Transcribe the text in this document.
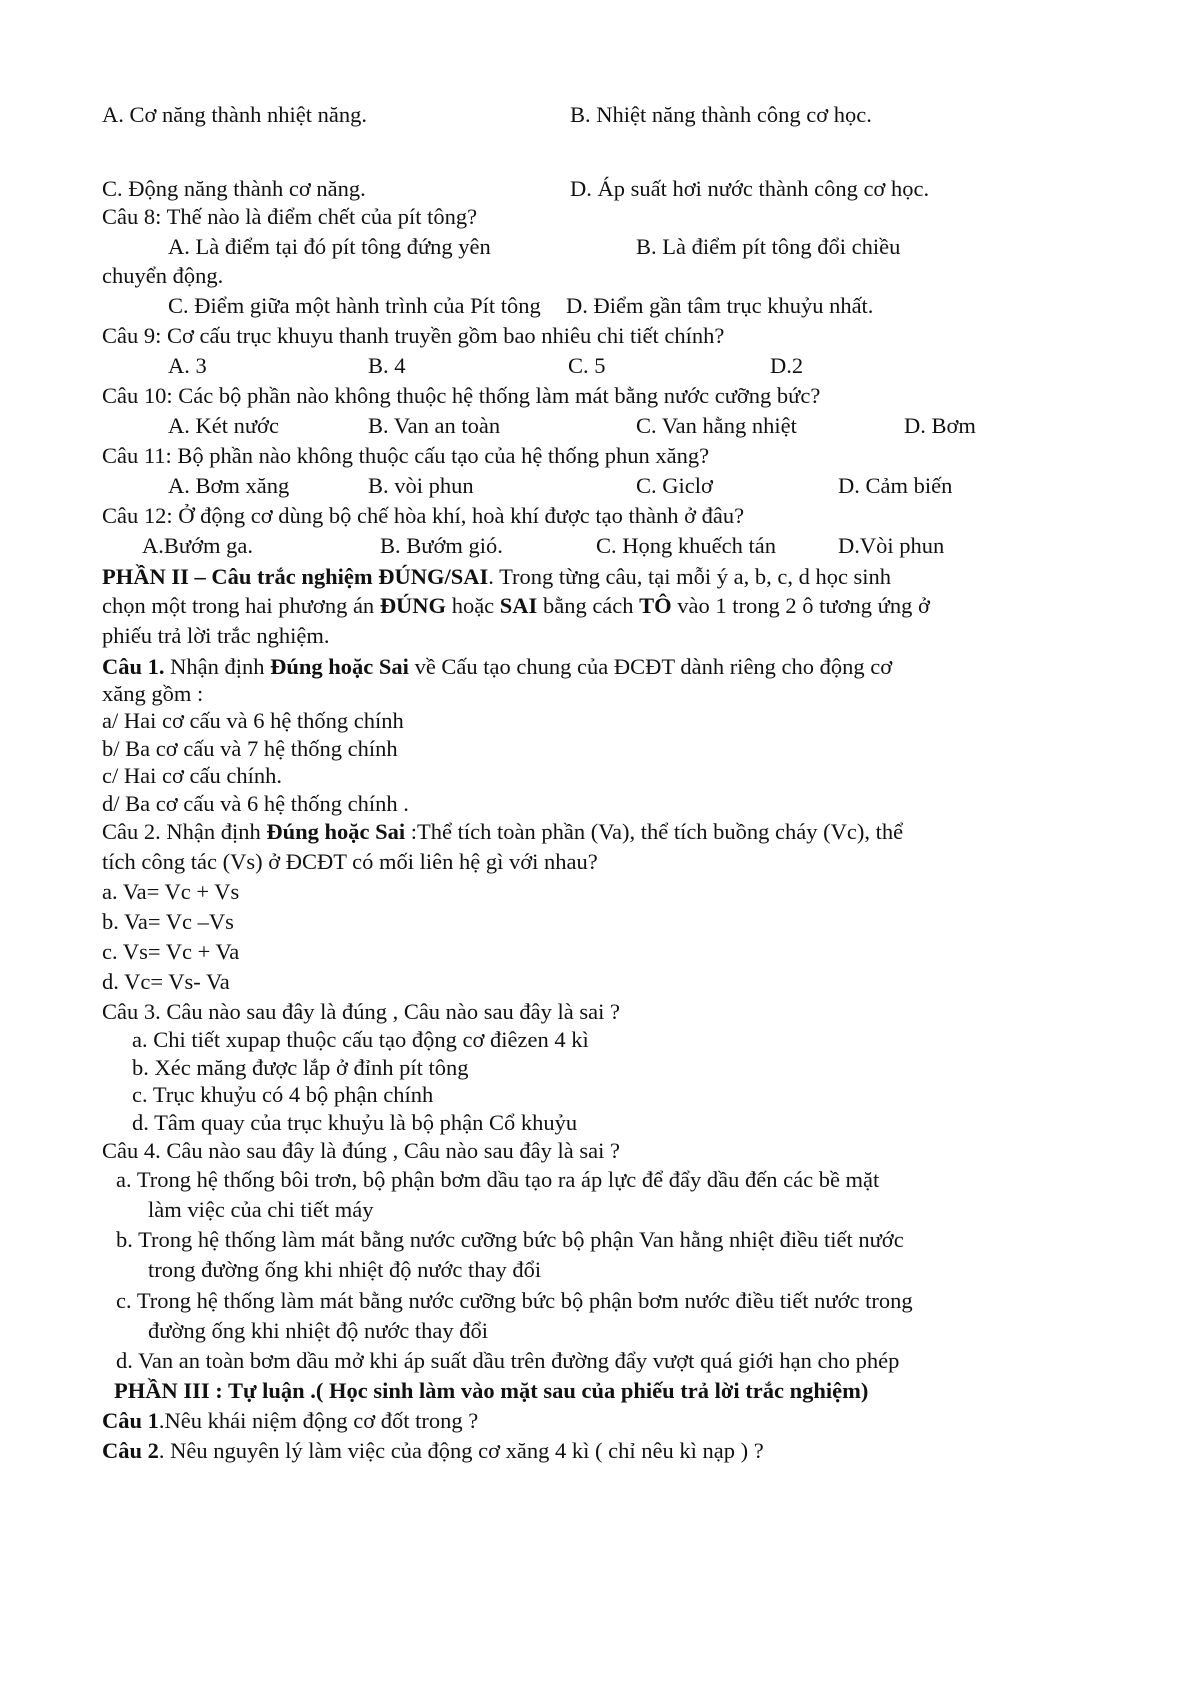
A. Cơ năng thành nhiệt năng.	B. Nhiệt năng thành công cơ học.
C. Động năng thành cơ năng.	D. Áp suất hơi nước thành công cơ học.
Câu 8: Thế nào là điểm chết của pít tông?
A. Là điểm tại đó pít tông đứng yên	B. Là điểm pít tông đổi chiều
chuyển động.
C. Điểm giữa một hành trình của Pít tông D. Điểm gần tâm trục khuỷu nhất.
Câu 9: Cơ cấu trục khuyu thanh truyền gồm bao nhiêu chi tiết chính?
A. 3	B. 4	C. 5	D.2
Câu 10: Các bộ phần nào không thuộc hệ thống làm mát bằng nước cưỡng bức?
A. Két nước	B. Van an toàn	C. Van hằng nhiệt	D. Bơm
Câu 11: Bộ phần nào không thuộc cấu tạo của hệ thống phun xăng?
A. Bơm xăng	B. vòi phun	C. Giclơ	D. Cảm biến
Câu 12: Ở động cơ dùng bộ chế hòa khí, hoà khí được tạo thành ở đâu?
A.Bướm ga.	B. Bướm gió.	C. Họng khuếch tán	D.Vòi phun
PHẦN II – Câu trắc nghiệm ĐÚNG/SAI. Trong từng câu, tại mỗi ý a, b, c, d học sinh
chọn một trong hai phương án ĐÚNG hoặc SAI bằng cách TÔ vào 1 trong 2 ô tương ứng ở
phiếu trả lời trắc nghiệm.
Câu 1. Nhận định Đúng hoặc Sai về Cấu tạo chung của ĐCĐT dành riêng cho động cơ
xăng gồm :
a/ Hai cơ cấu và 6 hệ thống chính
b/ Ba cơ cấu và 7 hệ thống chính
c/ Hai cơ cấu chính.
d/ Ba cơ cấu và 6 hệ thống chính .
Câu 2. Nhận định Đúng hoặc Sai :Thể tích toàn phần (Va), thể tích buồng cháy (Vc), thể
tích công tác (Vs) ở ĐCĐT có mối liên hệ gì với nhau?
a. Va= Vc + Vs
b. Va= Vc –Vs
c. Vs= Vc + Va
d. Vc= Vs- Va
Câu 3. Câu nào sau đây là đúng , Câu nào sau đây là sai ?
a. Chi tiết xupap thuộc cấu tạo động cơ điêzen 4 kì
b. Xéc măng được lắp ở đỉnh pít tông
c. Trục khuỷu có 4 bộ phận chính
d. Tâm quay của trục khuỷu là bộ phận Cổ khuỷu
Câu 4. Câu nào sau đây là đúng , Câu nào sau đây là sai ?
a. Trong hệ thống bôi trơn, bộ phận bơm dầu tạo ra áp lực để đẩy dầu đến các bề mặt
làm việc của chi tiết máy
b. Trong hệ thống làm mát bằng nước cưỡng bức bộ phận Van hằng nhiệt điều tiết nước
trong đường ống khi nhiệt độ nước thay đổi
c. Trong hệ thống làm mát bằng nước cưỡng bức bộ phận bơm nước điều tiết nước trong
đường ống khi nhiệt độ nước thay đổi
d. Van an toàn bơm dầu mở khi áp suất dầu trên đường đẩy vượt quá giới hạn cho phép
PHẦN III : Tự luận .( Học sinh làm vào mặt sau của phiếu trả lời trắc nghiệm)
Câu 1.Nêu khái niệm động cơ đốt trong ?
Câu 2. Nêu nguyên lý làm việc của động cơ xăng 4 kì ( chỉ nêu kì nạp ) ?
